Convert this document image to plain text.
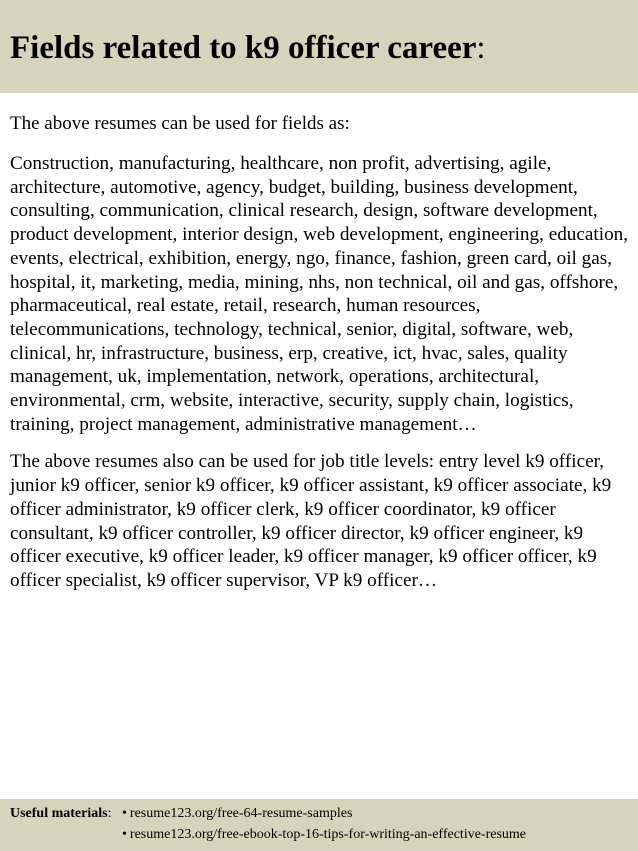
Fields related to k9 officer career:

The above resumes can be used for fields as:

Construction, manufacturing, healthcare, non profit, advertising, agile, architecture, automotive, agency, budget, building, business development, consulting, communication, clinical research, design, software development, product development, interior design, web development, engineering, education, events, electrical, exhibition, energy, ngo, finance, fashion, green card, oil gas, hospital, it, marketing, media, mining, nhs, non technical, oil and gas, offshore, pharmaceutical, real estate, retail, research, human resources, telecommunications, technology, technical, senior, digital, software, web, clinical, hr, infrastructure, business, erp, creative, ict, hvac, sales, quality management, uk, implementation, network, operations, architectural, environmental, crm, website, interactive, security, supply chain, logistics, training, project management, administrative management…

The above resumes also can be used for job title levels: entry level k9 officer, junior k9 officer, senior k9 officer, k9 officer assistant, k9 officer associate, k9 officer administrator, k9 officer clerk, k9 officer coordinator, k9 officer consultant, k9 officer controller, k9 officer director, k9 officer engineer, k9 officer executive, k9 officer leader, k9 officer manager, k9 officer officer, k9 officer specialist, k9 officer supervisor, VP k9 officer…

Useful materials: • resume123.org/free-64-resume-samples
• resume123.org/free-ebook-top-16-tips-for-writing-an-effective-resume
